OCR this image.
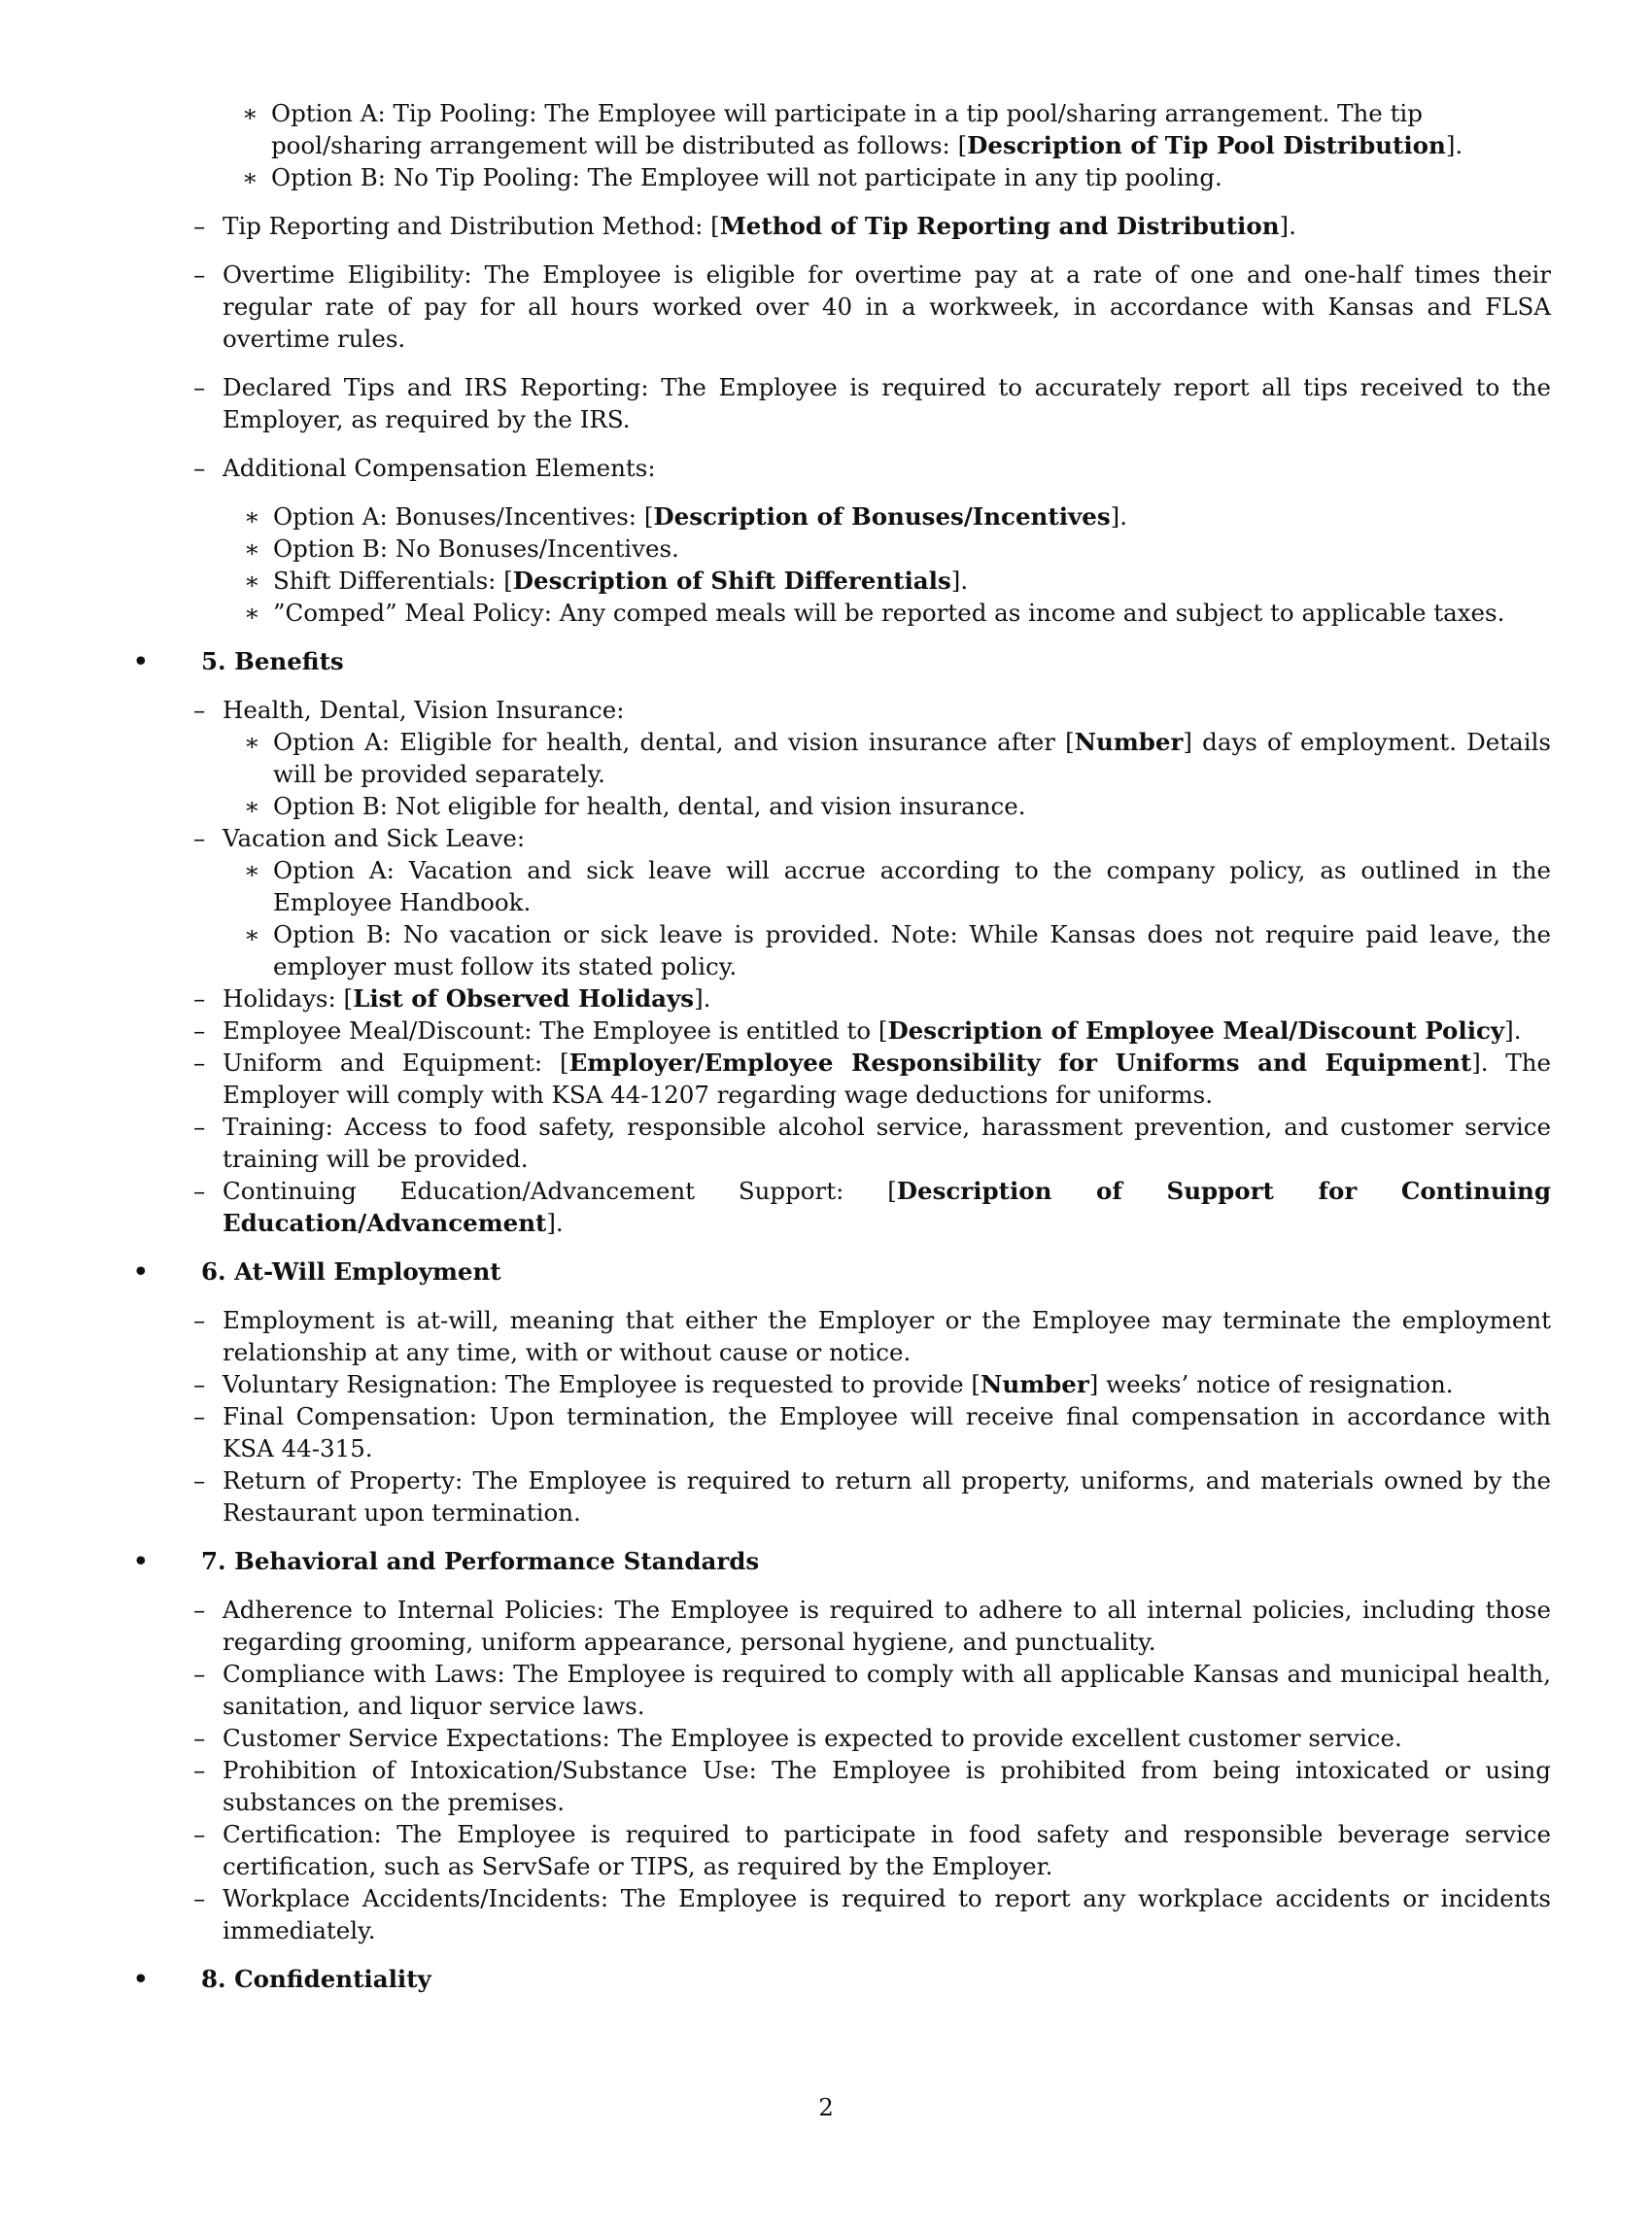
∗ Option A: Tip Pooling: The Employee will participate in a tip pool/sharing arrangement. The tip pool/sharing arrangement will be distributed as follows: [Description of Tip Pool Distribution].
∗ Option B: No Tip Pooling: The Employee will not participate in any tip pooling.
– Tip Reporting and Distribution Method: [Method of Tip Reporting and Distribution].
– Overtime Eligibility: The Employee is eligible for overtime pay at a rate of one and one-half times their regular rate of pay for all hours worked over 40 in a workweek, in accordance with Kansas and FLSA overtime rules.
– Declared Tips and IRS Reporting: The Employee is required to accurately report all tips received to the Employer, as required by the IRS.
– Additional Compensation Elements:
∗ Option A: Bonuses/Incentives: [Description of Bonuses/Incentives].
∗ Option B: No Bonuses/Incentives.
∗ Shift Differentials: [Description of Shift Differentials].
∗ ”Comped” Meal Policy: Any comped meals will be reported as income and subject to applicable taxes.
• 5. Benefits
– Health, Dental, Vision Insurance:
∗ Option A: Eligible for health, dental, and vision insurance after [Number] days of employment. Details will be provided separately.
∗ Option B: Not eligible for health, dental, and vision insurance.
– Vacation and Sick Leave:
∗ Option A: Vacation and sick leave will accrue according to the company policy, as outlined in the Employee Handbook.
∗ Option B: No vacation or sick leave is provided. Note: While Kansas does not require paid leave, the employer must follow its stated policy.
– Holidays: [List of Observed Holidays].
– Employee Meal/Discount: The Employee is entitled to [Description of Employee Meal/Discount Policy].
– Uniform and Equipment: [Employer/Employee Responsibility for Uniforms and Equipment]. The Employer will comply with KSA 44-1207 regarding wage deductions for uniforms.
– Training: Access to food safety, responsible alcohol service, harassment prevention, and customer service training will be provided.
– Continuing Education/Advancement Support: [Description of Support for Continuing Education/Advancement].
• 6. At-Will Employment
– Employment is at-will, meaning that either the Employer or the Employee may terminate the employment relationship at any time, with or without cause or notice.
– Voluntary Resignation: The Employee is requested to provide [Number] weeks’ notice of resignation.
– Final Compensation: Upon termination, the Employee will receive final compensation in accordance with KSA 44-315.
– Return of Property: The Employee is required to return all property, uniforms, and materials owned by the Restaurant upon termination.
• 7. Behavioral and Performance Standards
– Adherence to Internal Policies: The Employee is required to adhere to all internal policies, including those regarding grooming, uniform appearance, personal hygiene, and punctuality.
– Compliance with Laws: The Employee is required to comply with all applicable Kansas and municipal health, sanitation, and liquor service laws.
– Customer Service Expectations: The Employee is expected to provide excellent customer service.
– Prohibition of Intoxication/Substance Use: The Employee is prohibited from being intoxicated or using substances on the premises.
– Certification: The Employee is required to participate in food safety and responsible beverage service certification, such as ServSafe or TIPS, as required by the Employer.
– Workplace Accidents/Incidents: The Employee is required to report any workplace accidents or incidents immediately.
• 8. Confidentiality
2
